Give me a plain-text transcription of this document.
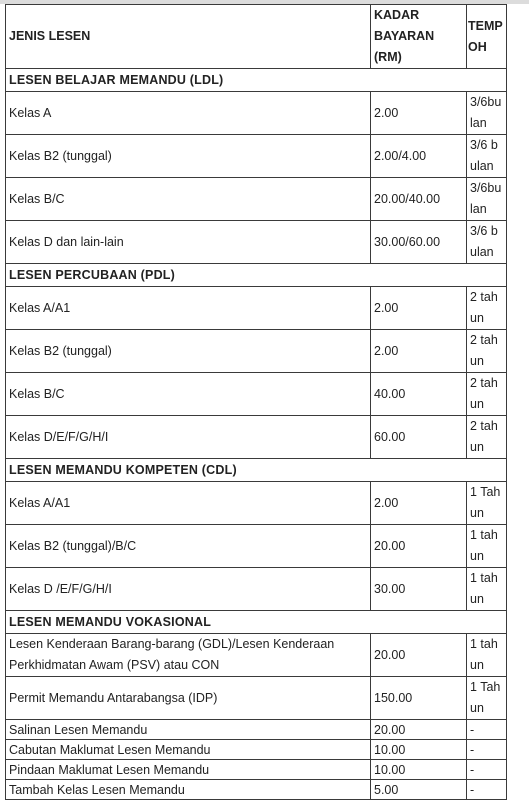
JENIS LESEN	KADAR BAYARAN (RM)	TEMPOH
LESEN BELAJAR MEMANDU (LDL)		
Kelas A	2.00	3/6bulan
Kelas B2 (tunggal)	2.00/4.00	3/6 bulan
Kelas B/C	20.00/40.00	3/6bulan
Kelas D dan lain-lain	30.00/60.00	3/6 bulan
LESEN PERCUBAAN (PDL)		
Kelas A/A1	2.00	2 tahun
Kelas B2 (tunggal)	2.00	2 tahun
Kelas B/C	40.00	2 tahun
Kelas D/E/F/G/H/I	60.00	2 tahun
LESEN MEMANDU KOMPETEN (CDL)		
Kelas A/A1	2.00	1 Tahun
Kelas B2 (tunggal)/B/C	20.00	1 tahun
Kelas D /E/F/G/H/I	30.00	1 tahun
LESEN MEMANDU VOKASIONAL		
Lesen Kenderaan Barang-barang (GDL)/Lesen Kenderaan Perkhidmatan Awam (PSV) atau CON	20.00	1 tahun
Permit Memandu Antarabangsa (IDP)	150.00	1 Tahun
Salinan Lesen Memandu	20.00	-
Cabutan Maklumat Lesen Memandu	10.00	-
Pindaan Maklumat Lesen Memandu	10.00	-
Tambah Kelas Lesen Memandu	5.00	-
